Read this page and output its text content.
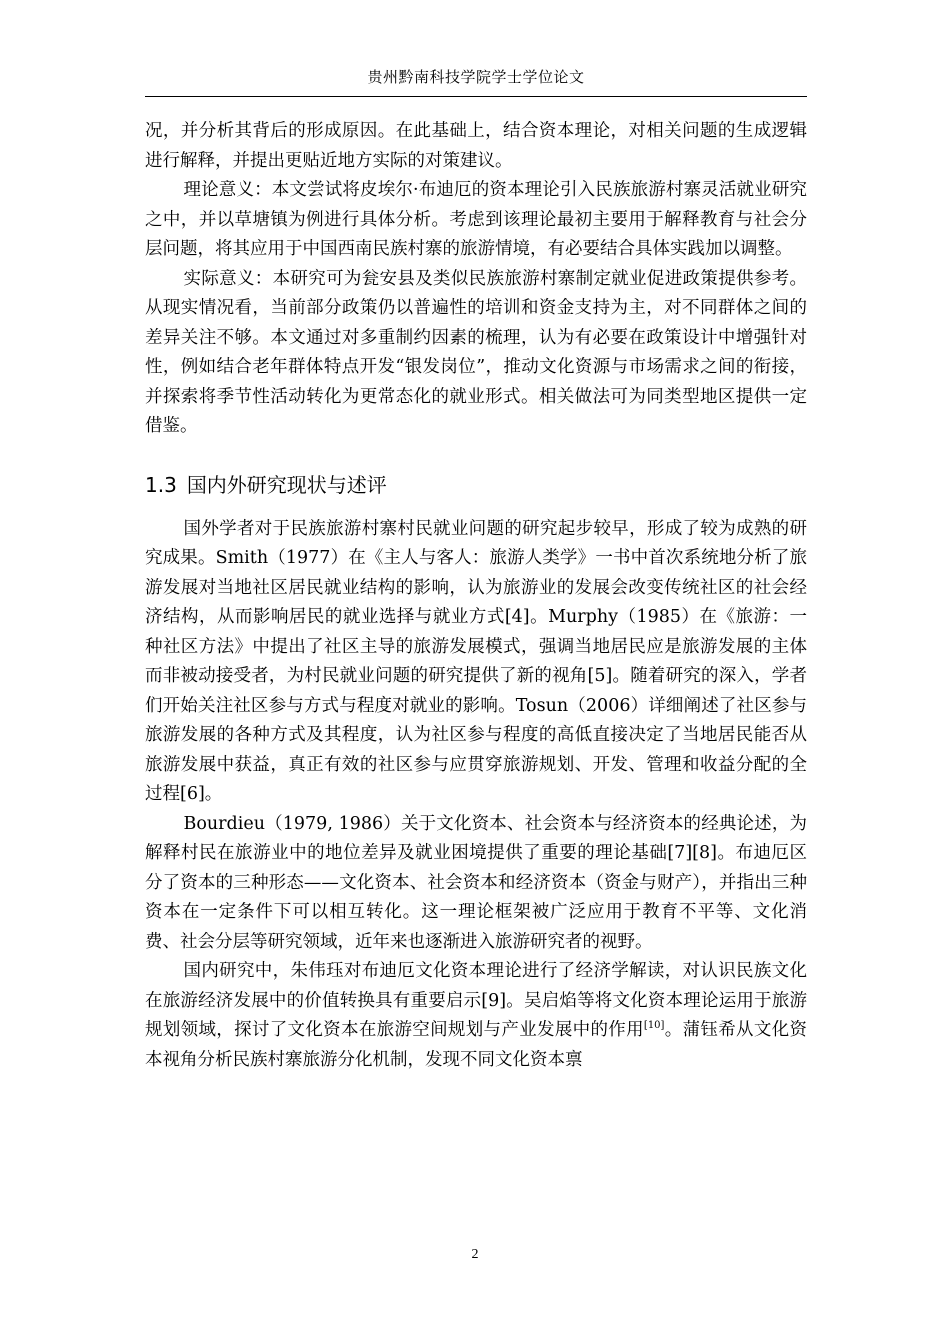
贵州黔南科技学院学士学位论文

况，并分析其背后的形成原因。在此基础上，结合资本理论，对相关问题的生成逻辑进行解释，并提出更贴近地方实际的对策建议。

理论意义：本文尝试将皮埃尔·布迪厄的资本理论引入民族旅游村寨灵活就业研究之中，并以草塘镇为例进行具体分析。考虑到该理论最初主要用于解释教育与社会分层问题，将其应用于中国西南民族村寨的旅游情境，有必要结合具体实践加以调整。

实际意义：本研究可为瓮安县及类似民族旅游村寨制定就业促进政策提供参考。从现实情况看，当前部分政策仍以普遍性的培训和资金支持为主，对不同群体之间的差异关注不够。本文通过对多重制约因素的梳理，认为有必要在政策设计中增强针对性，例如结合老年群体特点开发“银发岗位”，推动文化资源与市场需求之间的衔接，并探索将季节性活动转化为更常态化的就业形式。相关做法可为同类型地区提供一定借鉴。

1.3 国内外研究现状与述评

国外学者对于民族旅游村寨村民就业问题的研究起步较早，形成了较为成熟的研究成果。Smith（1977）在《主人与客人：旅游人类学》一书中首次系统地分析了旅游发展对当地社区居民就业结构的影响，认为旅游业的发展会改变传统社区的社会经济结构，从而影响居民的就业选择与就业方式[4]。Murphy（1985）在《旅游：一种社区方法》中提出了社区主导的旅游发展模式，强调当地居民应是旅游发展的主体而非被动接受者，为村民就业问题的研究提供了新的视角[5]。随着研究的深入，学者们开始关注社区参与方式与程度对就业的影响。Tosun（2006）详细阐述了社区参与旅游发展的各种方式及其程度，认为社区参与程度的高低直接决定了当地居民能否从旅游发展中获益，真正有效的社区参与应贯穿旅游规划、开发、管理和收益分配的全过程[6]。

Bourdieu（1979, 1986）关于文化资本、社会资本与经济资本的经典论述，为解释村民在旅游业中的地位差异及就业困境提供了重要的理论基础[7][8]。布迪厄区分了资本的三种形态——文化资本、社会资本和经济资本（资金与财产），并指出三种资本在一定条件下可以相互转化。这一理论框架被广泛应用于教育不平等、文化消费、社会分层等研究领域，近年来也逐渐进入旅游研究者的视野。

国内研究中，朱伟珏对布迪厄文化资本理论进行了经济学解读，对认识民族文化在旅游经济发展中的价值转换具有重要启示[9]。吴启焰等将文化资本理论运用于旅游规划领域，探讨了文化资本在旅游空间规划与产业发展中的作用[10]。蒲钰希从文化资本视角分析民族村寨旅游分化机制，发现不同文化资本禀

2
